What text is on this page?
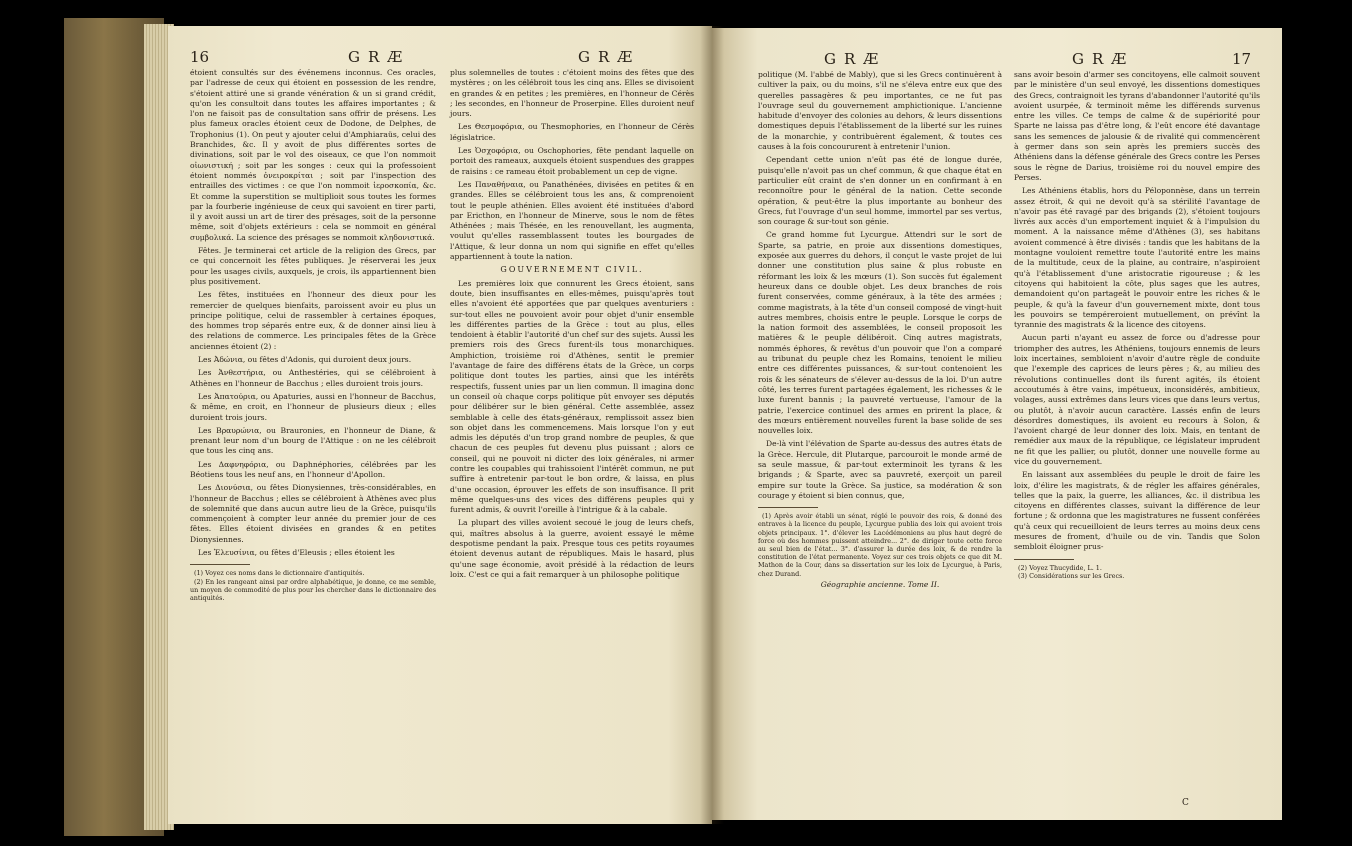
16	GRÆ	GRÆ

étoient consultés sur des événemens inconnus. Ces oracles, par l'adresse de ceux qui étoient en possession de les rendre, s'étoient attiré une si grande vénération & un si grand crédit, qu'on les consultoit dans toutes les affaires importantes ; & l'on ne faisoit pas de consultation sans offrir de présens. Les plus fameux oracles étoient ceux de Dodone, de Delphes, de Trophonius (1). On peut y ajouter celui d'Amphiaraüs, celui des Branchides, &c. Il y avoit de plus différentes sortes de divinations, soit par le vol des oiseaux, ce que l'on nommoit οἰωνιστική ; soit par les songes : ceux qui la professoient étoient nommés ὀνειροκρίται ; soit par l'inspection des entrailles des victimes : ce que l'on nommoit ἱεροσκοπία, &c. Et comme la superstition se multiplioit sous toutes les formes par la fourberie ingénieuse de ceux qui savoient en tirer parti, il y avoit aussi un art de tirer des présages, soit de la personne même, soit d'objets extérieurs : cela se nommoit en général συμβολικά. La science des présages se nommoit κληδονιστικά.

Fêtes. Je terminerai cet article de la religion des Grecs, par ce qui concernoit les fêtes publiques. Je réserverai les jeux pour les usages civils, auxquels, je crois, ils appartiennent bien plus positivement.

Les fêtes, instituées en l'honneur des dieux pour les remercier de quelques bienfaits, paroissent avoir eu plus un principe politique, celui de rassembler à certaines époques, des hommes trop séparés entre eux, & de donner ainsi lieu à des relations de commerce. Les principales fêtes de la Grèce anciennes étoient (2) :

Les Ἀδώνια, ou fêtes d'Adonis, qui duroient deux jours.

Les Ἀνθεστήρια, ou Anthestéries, qui se célébroient à Athènes en l'honneur de Bacchus ; elles duroient trois jours.

Les Ἀπατούρια, ou Apaturies, aussi en l'honneur de Bacchus, & même, en croit, en l'honneur de plusieurs dieux ; elles duroient trois jours.

Les Βραυρώνια, ou Brauronies, en l'honneur de Diane, & prenant leur nom d'un bourg de l'Attique : on ne les célébroit que tous les cinq ans.

Les Δαφνηφόρια, ou Daphnéphories, célébrées par les Béotiens tous les neuf ans, en l'honneur d'Apollon.

Les Διονύσια, ou fêtes Dionysiennes, très-considérables, en l'honneur de Bacchus ; elles se célébroient à Athènes avec plus de solemnité que dans aucun autre lieu de la Grèce, puisqu'ils commençoient à compter leur année du premier jour de ces fêtes. Elles étoient divisées en grandes & en petites Dionysiennes.

Les Ἐλευσίνια, ou fêtes d'Eleusis ; elles étoient les

(1) Voyez ces noms dans le dictionnaire d'antiquités.

(2) En les rangeant ainsi par ordre alphabétique, je donne, ce me semble, un moyen de commodité de plus pour les chercher dans le dictionnaire des antiquités.

plus solemnelles de toutes : c'étoient moins des fêtes que des mystères ; on les célébroit tous les cinq ans. Elles se divisoient en grandes & en petites ; les premières, en l'honneur de Cérès ; les secondes, en l'honneur de Proserpine. Elles duroient neuf jours.

Les Θεσμοφόρια, ou Thesmophories, en l'honneur de Cérès législatrice.

Les Ὀσχοφόρια, ou Oschophories, fête pendant laquelle on portoit des rameaux, auxquels étoient suspendues des grappes de raisins : ce rameau étoit probablement un cep de vigne.

Les Παναθήναια, ou Panathénées, divisées en petites & en grandes. Elles se célébroient tous les ans, & comprenoient tout le peuple athénien. Elles avoient été instituées d'abord par Ericthon, en l'honneur de Minerve, sous le nom de fêtes Athénées ; mais Thésée, en les renouvellant, les augmenta, voulut qu'elles rassemblassent toutes les bourgades de l'Attique, & leur donna un nom qui signifie en effet qu'elles appartiennent à toute la nation.

GOUVERNEMENT CIVIL.

Les premières loix que connurent les Grecs étoient, sans doute, bien insuffisantes en elles-mêmes, puisqu'après tout elles n'avoient été apportées que par quelques aventuriers : sur-tout elles ne pouvoient avoir pour objet d'unir ensemble les différentes parties de la Grèce : tout au plus, elles tendoient à établir l'autorité d'un chef sur des sujets. Aussi les premiers rois des Grecs furent-ils tous monarchiques. Amphiction, troisième roi d'Athènes, sentit le premier l'avantage de faire des différens états de la Grèce, un corps politique dont toutes les parties, ainsi que les intérêts respectifs, fussent unies par un lien commun. Il imagina donc un conseil où chaque corps politique pût envoyer ses députés pour délibérer sur le bien général. Cette assemblée, assez semblable à celle des états-généraux, remplissoit assez bien son objet dans les commencemens. Mais lorsque l'on y eut admis les députés d'un trop grand nombre de peuples, & que chacun de ces peuples fut devenu plus puissant ; alors ce conseil, qui ne pouvoit ni dicter des loix générales, ni armer contre les coupables qui trahissoient l'intérêt commun, ne put suffire à entretenir par-tout le bon ordre, & laissa, en plus d'une occasion, éprouver les effets de son insuffisance. Il prit même quelques-uns des vices des différens peuples qui y furent admis, & ouvrit l'oreille à l'intrigue & à la cabale.

La plupart des villes avoient secoué le joug de leurs chefs, qui, maîtres absolus à la guerre, avoient essayé le même despotisme pendant la paix. Presque tous ces petits royaumes étoient devenus autant de républiques. Mais le hasard, plus qu'une sage économie, avoit présidé à la rédaction de leurs loix. C'est ce qui a fait remarquer à un philosophe politique

GRÆ	GRÆ	17

politique (M. l'abbé de Mably), que si les Grecs continuèrent à cultiver la paix, ou du moins, s'il ne s'éleva entre eux que des querelles passagères & peu importantes, ce ne fut pas l'ouvrage seul du gouvernement amphictionique. L'ancienne habitude d'envoyer des colonies au dehors, & leurs dissentions domestiques depuis l'établissement de la liberté sur les ruines de la monarchie, y contribuèrent également, & toutes ces causes à la fois concoururent à entretenir l'union.

Cependant cette union n'eût pas été de longue durée, puisqu'elle n'avoit pas un chef commun, & que chaque état en particulier eût craint de s'en donner un en confirmant à en reconnoître pour le général de la nation. Cette seconde opération, & peut-être la plus importante au bonheur des Grecs, fut l'ouvrage d'un seul homme, immortel par ses vertus, son courage & sur-tout son génie.

Ce grand homme fut Lycurgue. Attendri sur le sort de Sparte, sa patrie, en proie aux dissentions domestiques, exposée aux guerres du dehors, il conçut le vaste projet de lui donner une constitution plus saine & plus robuste en réformant les loix & les mœurs (1). Son succès fut également heureux dans ce double objet. Les deux branches de rois furent conservées, comme généraux, à la tête des armées ; comme magistrats, à la tête d'un conseil composé de vingt-huit autres membres, choisis entre le peuple. Lorsque le corps de la nation formoit des assemblées, le conseil proposoit les matières & le peuple délibéroit. Cinq autres magistrats, nommés éphores, & revêtus d'un pouvoir que l'on a comparé au tribunat du peuple chez les Romains, tenoient le milieu entre ces différentes puissances, & sur-tout contenoient les rois & les sénateurs de s'élever au-dessus de la loi. D'un autre côté, les terres furent partagées également, les richesses & le luxe furent bannis ; la pauvreté vertueuse, l'amour de la patrie, l'exercice continuel des armes en prirent la place, & des mœurs entièrement nouvelles furent la base solide de ses nouvelles loix.

De-là vint l'élévation de Sparte au-dessus des autres états de la Grèce. Hercule, dit Plutarque, parcouroit le monde armé de sa seule massue, & par-tout exterminoit les tyrans & les brigands ; & Sparte, avec sa pauvreté, exerçoit un pareil empire sur toute la Grèce. Sa justice, sa modération & son courage y étoient si bien connus, que,

(1) Après avoir établi un sénat, réglé le pouvoir des rois, & donné des entraves à la licence du peuple, Lycurgue publia des loix qui avoient trois objets principaux. 1°. d'élever les Lacédémoniens au plus haut degré de force où des hommes puissent atteindre... 2°. de diriger toute cette force au seul bien de l'état... 3°. d'assurer la durée des loix, & de rendre la constitution de l'état permanente. Voyez sur ces trois objets ce que dit M. Mathon de la Cour, dans sa dissertation sur les loix de Lycurgue, à Paris, chez Durand.

Géographie ancienne. Tome II.

sans avoir besoin d'armer ses concitoyens, elle calmoit souvent par le ministère d'un seul envoyé, les dissentions domestiques des Grecs, contraignoit les tyrans d'abandonner l'autorité qu'ils avoient usurpée, & terminoit même les différends survenus entre les villes. Ce temps de calme & de supériorité pour Sparte ne laissa pas d'être long, & l'eût encore été davantage sans les semences de jalousie & de rivalité qui commencèrent à germer dans son sein après les premiers succès des Athéniens dans la défense générale des Grecs contre les Perses sous le règne de Darius, troisième roi du nouvel empire des Perses.

Les Athéniens établis, hors du Péloponnèse, dans un terrein assez étroit, & qui ne devoit qu'à sa stérilité l'avantage de n'avoir pas été ravagé par des brigands (2), s'étoient toujours livrés aux accès d'un emportement inquiet & à l'impulsion du moment. A la naissance même d'Athènes (3), ses habitans avoient commencé à être divisés : tandis que les habitans de la montagne vouloient remettre toute l'autorité entre les mains de la multitude, ceux de la plaine, au contraire, n'aspiroient qu'à l'établissement d'une aristocratie rigoureuse ; & les citoyens qui habitoient la côte, plus sages que les autres, demandoient qu'on partageât le pouvoir entre les riches & le peuple, & qu'à la faveur d'un gouvernement mixte, dont tous les pouvoirs se tempéreroient mutuellement, on prévînt la tyrannie des magistrats & la licence des citoyens.

Aucun parti n'ayant eu assez de force ou d'adresse pour triompher des autres, les Athéniens, toujours ennemis de leurs loix incertaines, sembloient n'avoir d'autre règle de conduite que l'exemple des caprices de leurs pères ; &, au milieu des révolutions continuelles dont ils furent agités, ils étoient accoutumés à être vains, impétueux, inconsidérés, ambitieux, volages, aussi extrêmes dans leurs vices que dans leurs vertus, ou plutôt, à n'avoir aucun caractère. Lassés enfin de leurs désordres domestiques, ils avoient eu recours à Solon, & l'avoient chargé de leur donner des loix. Mais, en tentant de remédier aux maux de la république, ce législateur imprudent ne fit que les pallier, ou plutôt, donner une nouvelle forme au vice du gouvernement.

En laissant aux assemblées du peuple le droit de faire les loix, d'élire les magistrats, & de régler les affaires générales, telles que la paix, la guerre, les alliances, &c. il distribua les citoyens en différentes classes, suivant la différence de leur fortune ; & ordonna que les magistratures ne fussent conférées qu'à ceux qui recueilloient de leurs terres au moins deux cens mesures de froment, d'huile ou de vin. Tandis que Solon sembloit éloigner prus-

(2) Voyez Thucydide, L. 1.

(3) Considérations sur les Grecs.

C
